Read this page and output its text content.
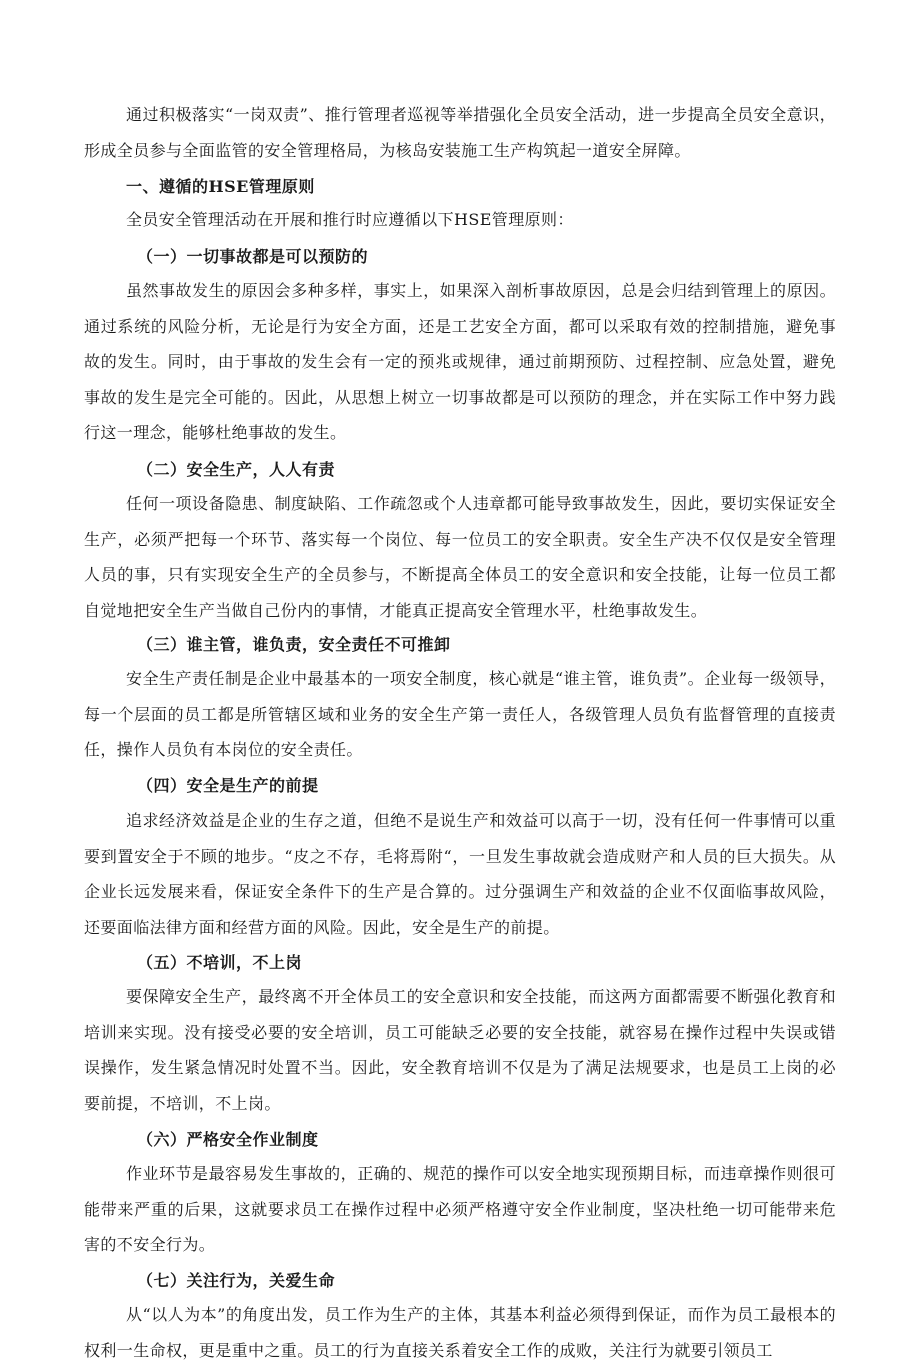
通过积极落实“一岗双责”、推行管理者巡视等举措强化全员安全活动，进一步提高全员安全意识，形成全员参与全面监管的安全管理格局，为核岛安装施工生产构筑起一道安全屏障。

一、遵循的HSE管理原则

全员安全管理活动在开展和推行时应遵循以下HSE管理原则：

（一）一切事故都是可以预防的

虽然事故发生的原因会多种多样，事实上，如果深入剖析事故原因，总是会归结到管理上的原因。通过系统的风险分析，无论是行为安全方面，还是工艺安全方面，都可以采取有效的控制措施，避免事故的发生。同时，由于事故的发生会有一定的预兆或规律，通过前期预防、过程控制、应急处置，避免事故的发生是完全可能的。因此，从思想上树立一切事故都是可以预防的理念，并在实际工作中努力践行这一理念，能够杜绝事故的发生。

（二）安全生产，人人有责

任何一项设备隐患、制度缺陷、工作疏忽或个人违章都可能导致事故发生，因此，要切实保证安全生产，必须严把每一个环节、落实每一个岗位、每一位员工的安全职责。安全生产决不仅仅是安全管理人员的事，只有实现安全生产的全员参与，不断提高全体员工的安全意识和安全技能，让每一位员工都自觉地把安全生产当做自己份内的事情，才能真正提高安全管理水平，杜绝事故发生。

（三）谁主管，谁负责，安全责任不可推卸

安全生产责任制是企业中最基本的一项安全制度，核心就是“谁主管，谁负责”。企业每一级领导，每一个层面的员工都是所管辖区域和业务的安全生产第一责任人，各级管理人员负有监督管理的直接责任，操作人员负有本岗位的安全责任。

（四）安全是生产的前提

追求经济效益是企业的生存之道，但绝不是说生产和效益可以高于一切，没有任何一件事情可以重要到置安全于不顾的地步。“皮之不存，毛将焉附“，一旦发生事故就会造成财产和人员的巨大损失。从企业长远发展来看，保证安全条件下的生产是合算的。过分强调生产和效益的企业不仅面临事故风险，还要面临法律方面和经营方面的风险。因此，安全是生产的前提。

（五）不培训，不上岗

要保障安全生产，最终离不开全体员工的安全意识和安全技能，而这两方面都需要不断强化教育和培训来实现。没有接受必要的安全培训，员工可能缺乏必要的安全技能，就容易在操作过程中失误或错误操作，发生紧急情况时处置不当。因此，安全教育培训不仅是为了满足法规要求，也是员工上岗的必要前提，不培训，不上岗。

（六）严格安全作业制度

作业环节是最容易发生事故的，正确的、规范的操作可以安全地实现预期目标，而违章操作则很可能带来严重的后果，这就要求员工在操作过程中必须严格遵守安全作业制度，坚决杜绝一切可能带来危害的不安全行为。

（七）关注行为，关爱生命

从“以人为本”的角度出发，员工作为生产的主体，其基本利益必须得到保证，而作为员工最根本的权利一生命权，更是重中之重。员工的行为直接关系着安全工作的成败，关注行为就要引领员工
